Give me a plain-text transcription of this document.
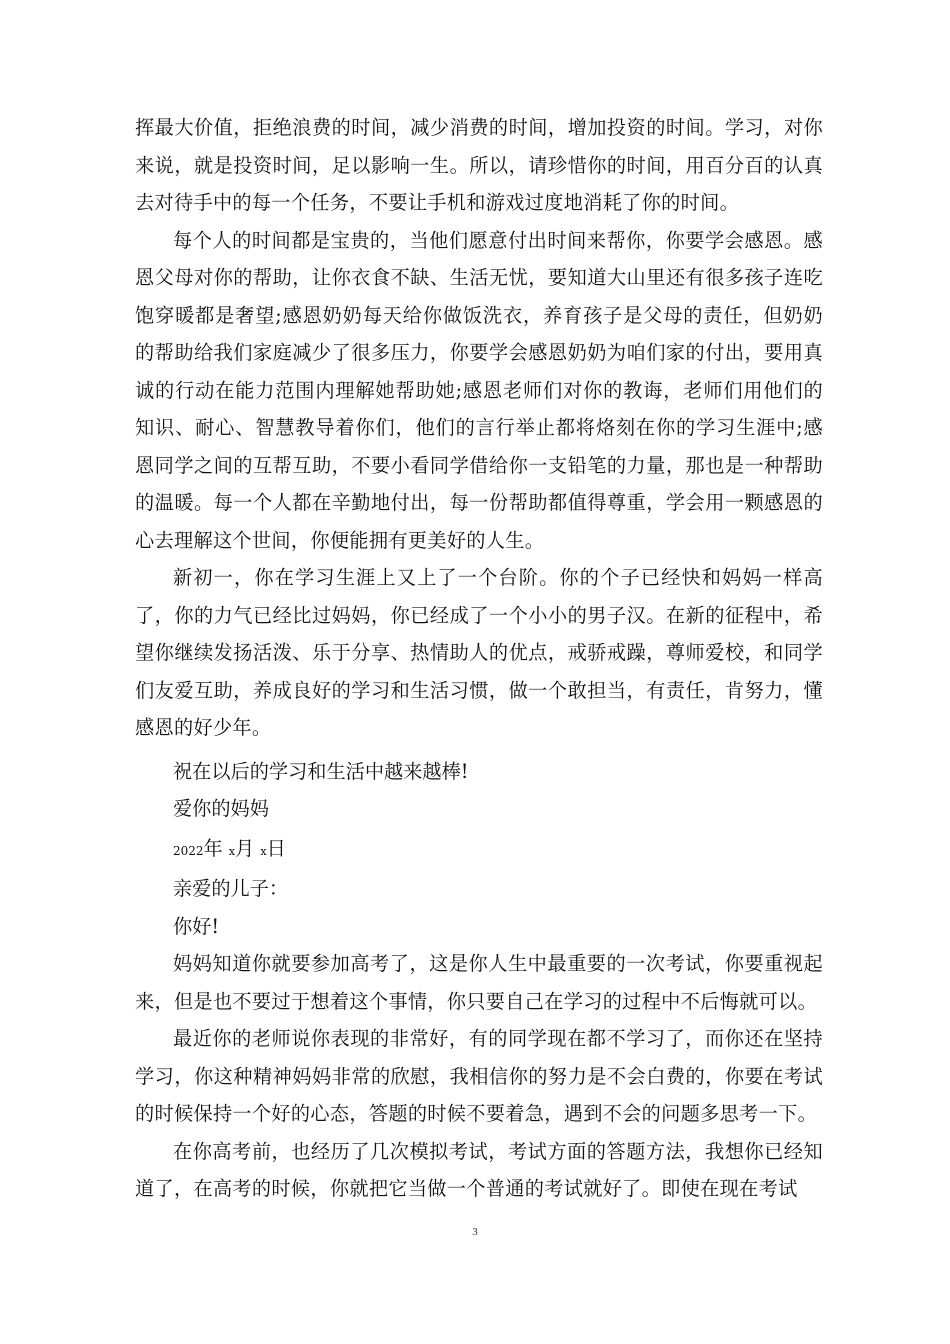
挥最大价值，拒绝浪费的时间，减少消费的时间，增加投资的时间。学习，对你来说，就是投资时间，足以影响一生。所以，请珍惜你的时间，用百分百的认真去对待手中的每一个任务，不要让手机和游戏过度地消耗了你的时间。

每个人的时间都是宝贵的，当他们愿意付出时间来帮你，你要学会感恩。感恩父母对你的帮助，让你衣食不缺、生活无忧，要知道大山里还有很多孩子连吃饱穿暖都是奢望;感恩奶奶每天给你做饭洗衣，养育孩子是父母的责任，但奶奶的帮助给我们家庭减少了很多压力，你要学会感恩奶奶为咱们家的付出，要用真诚的行动在能力范围内理解她帮助她;感恩老师们对你的教诲，老师们用他们的知识、耐心、智慧教导着你们，他们的言行举止都将烙刻在你的学习生涯中;感恩同学之间的互帮互助，不要小看同学借给你一支铅笔的力量，那也是一种帮助的温暖。每一个人都在辛勤地付出，每一份帮助都值得尊重，学会用一颗感恩的心去理解这个世间，你便能拥有更美好的人生。

新初一，你在学习生涯上又上了一个台阶。你的个子已经快和妈妈一样高了，你的力气已经比过妈妈，你已经成了一个小小的男子汉。在新的征程中，希望你继续发扬活泼、乐于分享、热情助人的优点，戒骄戒躁，尊师爱校，和同学们友爱互助，养成良好的学习和生活习惯，做一个敢担当，有责任，肯努力，懂感恩的好少年。

祝在以后的学习和生活中越来越棒!

爱你的妈妈

2022年 x月 x日

亲爱的儿子：

你好!

妈妈知道你就要参加高考了，这是你人生中最重要的一次考试，你要重视起来，但是也不要过于想着这个事情，你只要自己在学习的过程中不后悔就可以。

最近你的老师说你表现的非常好，有的同学现在都不学习了，而你还在坚持学习，你这种精神妈妈非常的欣慰，我相信你的努力是不会白费的，你要在考试的时候保持一个好的心态，答题的时候不要着急，遇到不会的问题多思考一下。

在你高考前，也经历了几次模拟考试，考试方面的答题方法，我想你已经知道了，在高考的时候，你就把它当做一个普通的考试就好了。即使在现在考试

3
